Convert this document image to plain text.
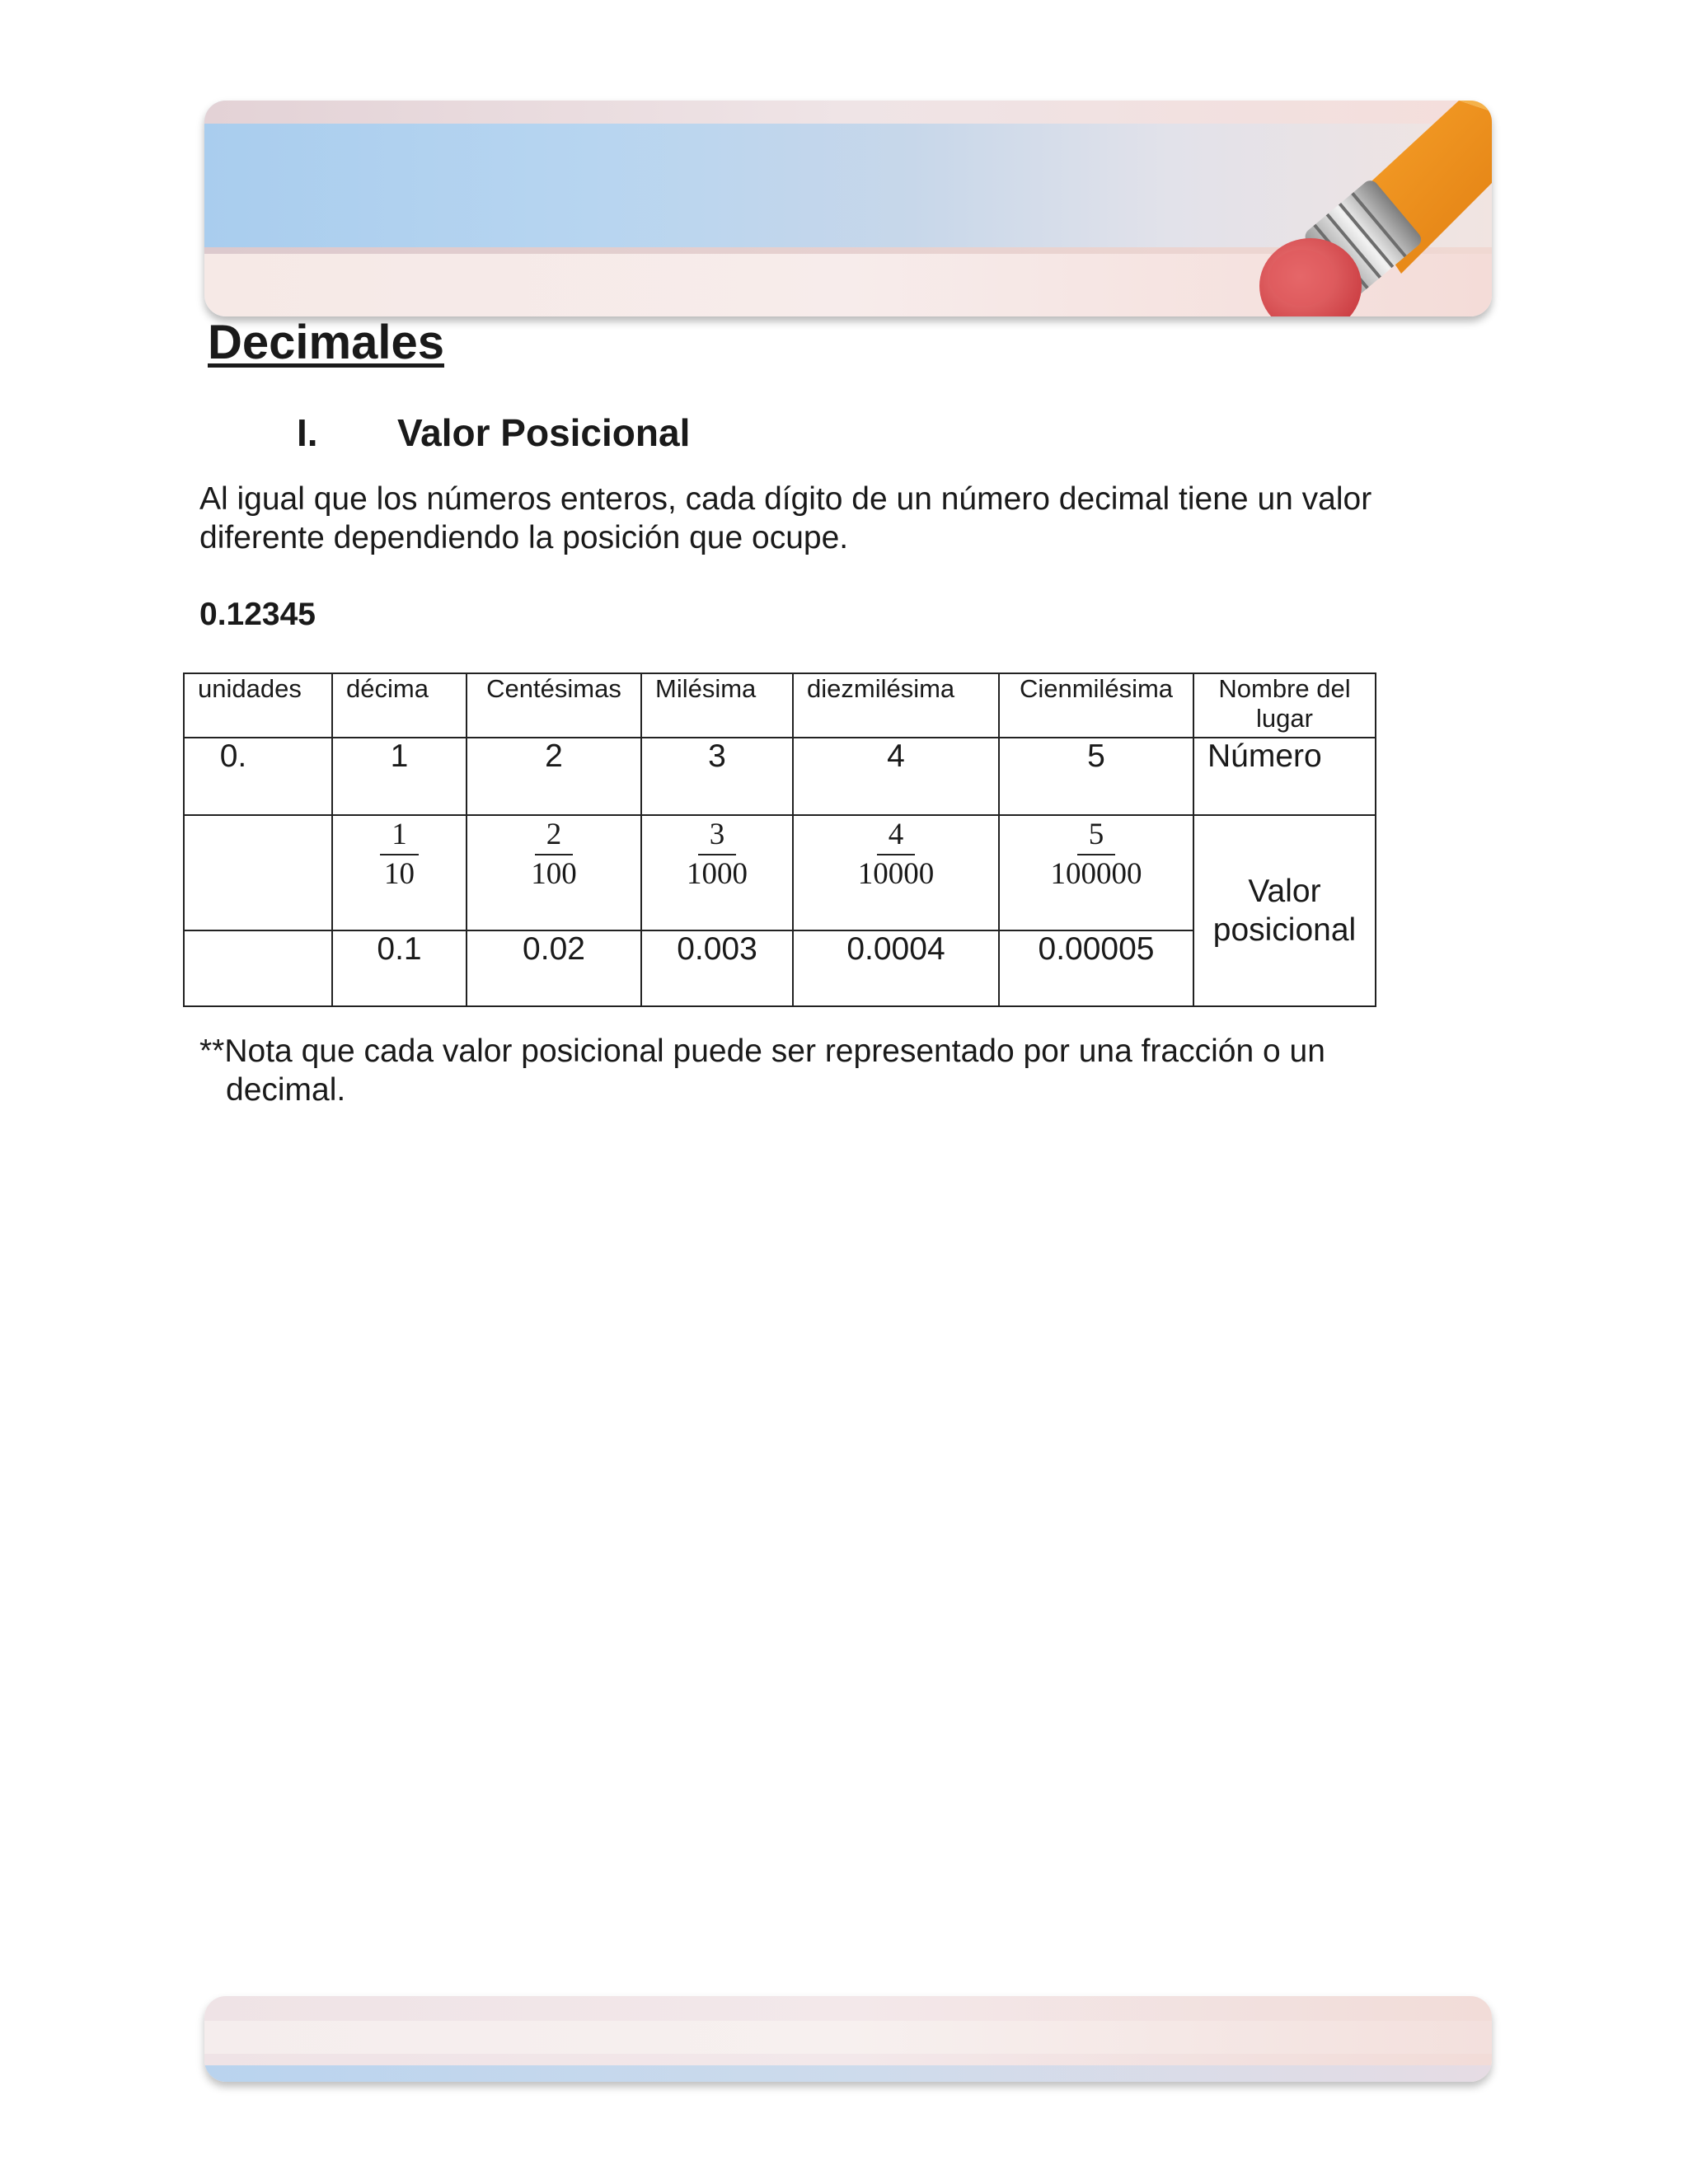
Decimales
I.	Valor Posicional
Al igual que los números enteros, cada dígito de un número decimal tiene un valor diferente dependiendo la posición que ocupe.
0.12345
unidades	décima	Centésimas	Milésima	diezmilésima	Cienmilésima	Nombre del lugar
0.	1	2	3	4	5	Número

	$\frac{1}{10}$	$\frac{2}{100}$	$\frac{3}{1000}$	$\frac{4}{10000}$	$\frac{5}{100000}$	Valor posicional
	0.1	0.02	0.003	0.0004	0.00005	
**Nota que cada valor posicional puede ser representado por una fracción o un
decimal.
